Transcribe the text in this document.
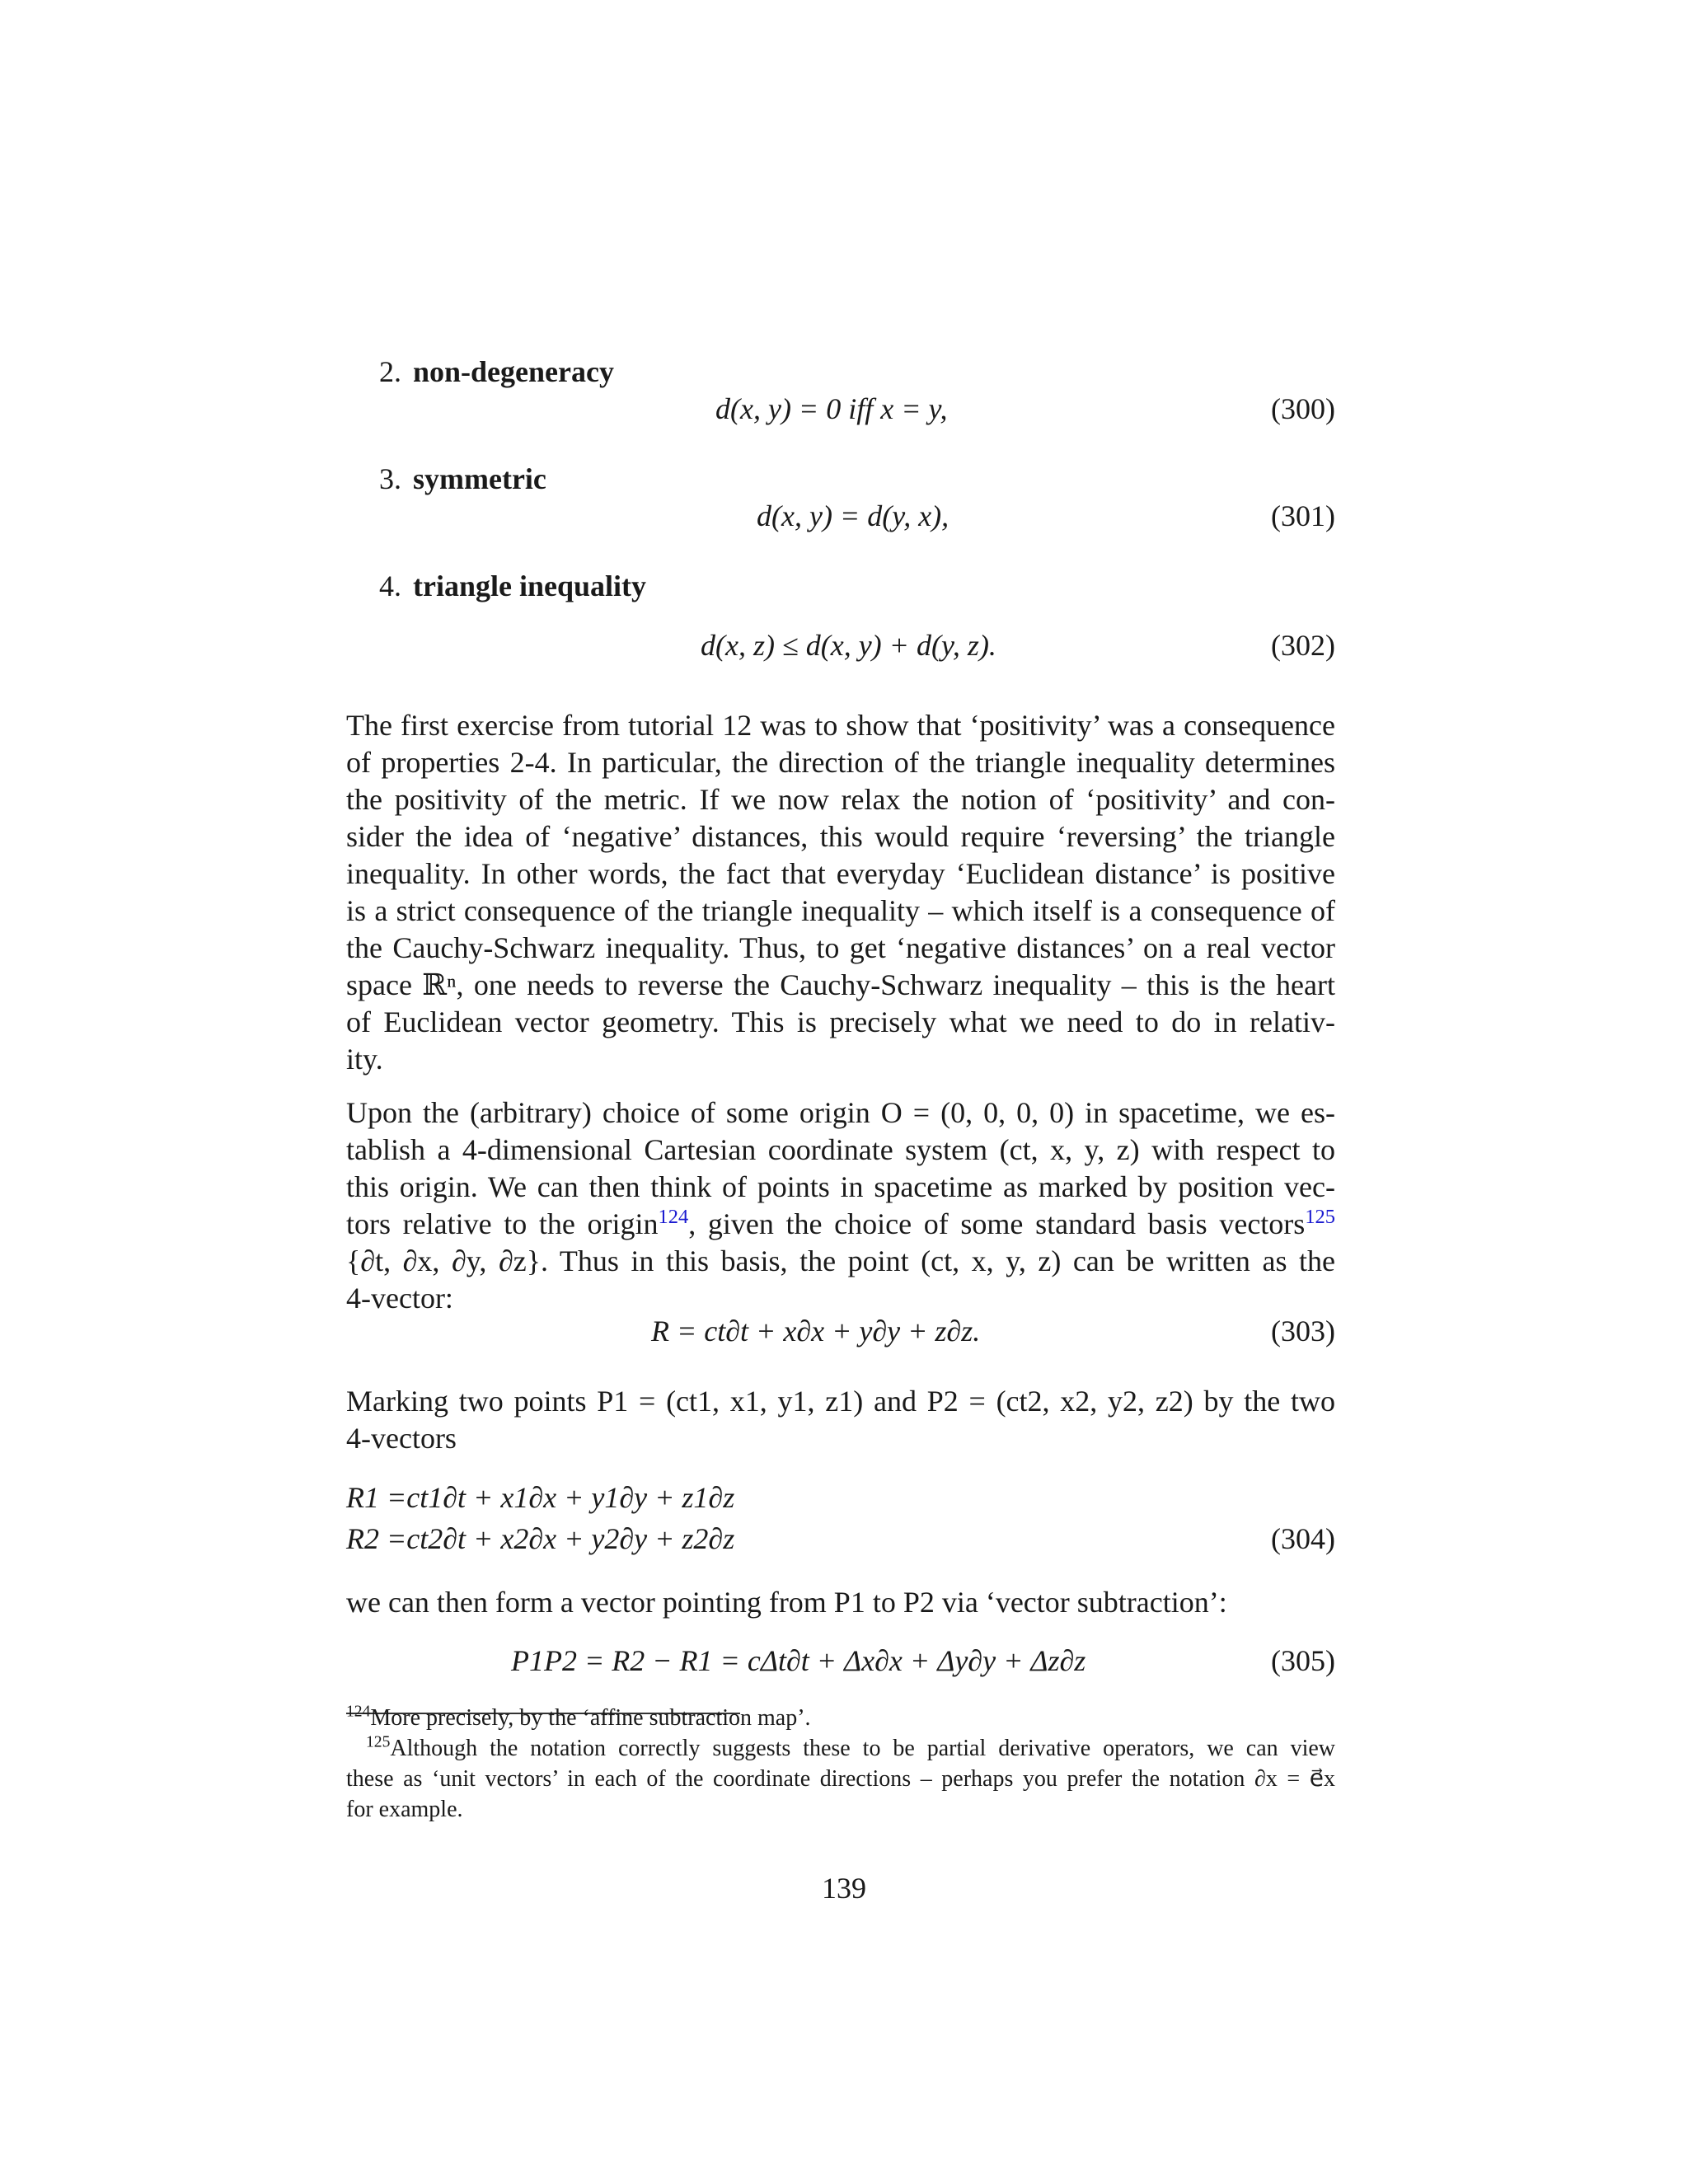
2. non-degeneracy
d(x, y) = 0 iff x = y,	(300)
3. symmetric
d(x, y) = d(y, x),	(301)
4. triangle inequality
d(x, z) ≤ d(x, y) + d(y, z).	(302)
The first exercise from tutorial 12 was to show that ‘positivity’ was a consequence
of properties 2-4. In particular, the direction of the triangle inequality determines
the positivity of the metric. If we now relax the notion of ‘positivity’ and con-
sider the idea of ‘negative’ distances, this would require ‘reversing’ the triangle
inequality. In other words, the fact that everyday ‘Euclidean distance’ is positive
is a strict consequence of the triangle inequality – which itself is a consequence of
the Cauchy-Schwarz inequality. Thus, to get ‘negative distances’ on a real vector
space ℝⁿ, one needs to reverse the Cauchy-Schwarz inequality – this is the heart
of Euclidean vector geometry. This is precisely what we need to do in relativ-
ity.
Upon the (arbitrary) choice of some origin O = (0, 0, 0, 0) in spacetime, we es-
tablish a 4-dimensional Cartesian coordinate system (ct, x, y, z) with respect to
this origin. We can then think of points in spacetime as marked by position vec-
tors relative to the origin$^{124}$, given the choice of some standard basis vectors$^{125}$
{∂t, ∂x, ∂y, ∂z}. Thus in this basis, the point (ct, x, y, z) can be written as the
4-vector:
R = ct∂t + x∂x + y∂y + z∂z.	(303)
Marking two points P1 = (ct1, x1, y1, z1) and P2 = (ct2, x2, y2, z2) by the two
4-vectors
R1 =ct1∂t + x1∂x + y1∂y + z1∂z
R2 =ct2∂t + x2∂x + y2∂y + z2∂z	(304)
we can then form a vector pointing from P1 to P2 via ‘vector subtraction’:
P1P2 = R2 − R1 = cΔt∂t + Δx∂x + Δy∂y + Δz∂z	(305)
$^{124}$More precisely, by the ‘affine subtraction map’.
$^{125}$Although the notation correctly suggests these to be partial derivative operators, we can view
these as ‘unit vectors’ in each of the coordinate directions – perhaps you prefer the notation ∂x = e⃗x
for example.
139
